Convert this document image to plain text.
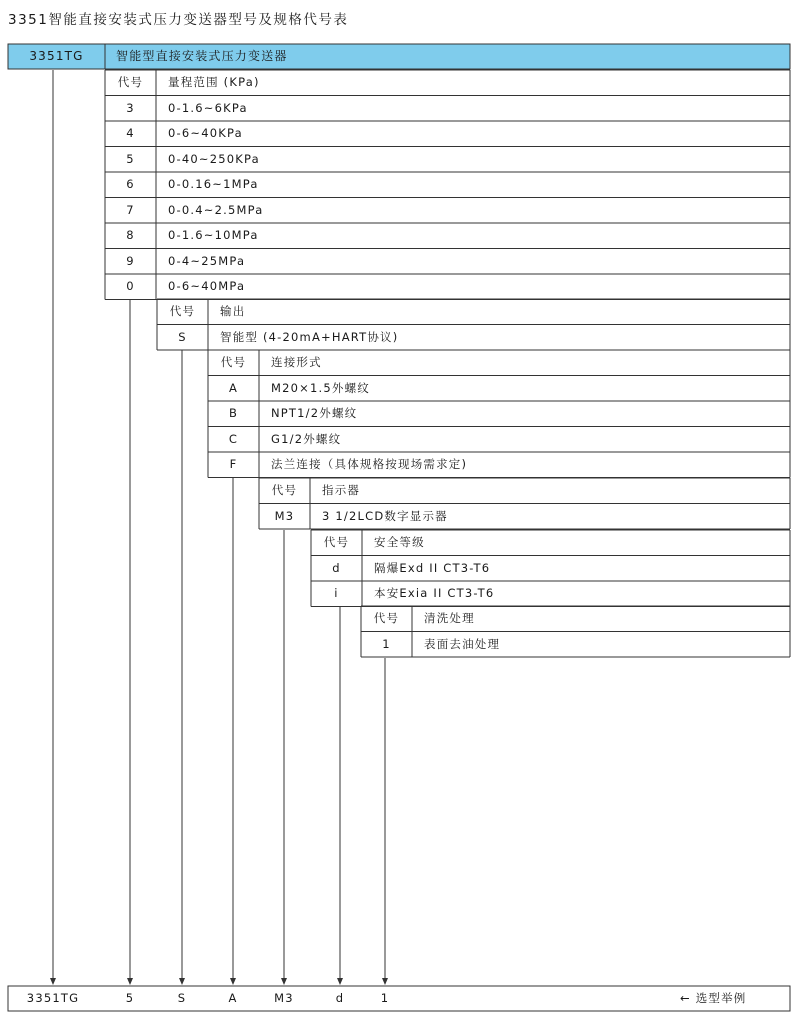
3351智能直接安装式压力变送器型号及规格代号表
3351TG	智能型直接安装式压力变送器
代号	量程范围 (KPa)
3	0-1.6~6KPa
4	0-6~40KPa
5	0-40~250KPa
6	0-0.16~1MPa
7	0-0.4~2.5MPa
8	0-1.6~10MPa
9	0-4~25MPa
0	0-6~40MPa
代号	输出
S	智能型 (4-20mA+HART协议)
代号	连接形式
A	M20×1.5外螺纹
B	NPT1/2外螺纹
C	G1/2外螺纹
F	法兰连接（具体规格按现场需求定)
代号	指示器
M3	3 1/2LCD数字显示器
代号	安全等级
d	隔爆Exd II CT3-T6
i	本安Exia II CT3-T6
代号	清洗处理
1	表面去油处理
3351TG	5	S	A	M3	d	1	← 选型举例
